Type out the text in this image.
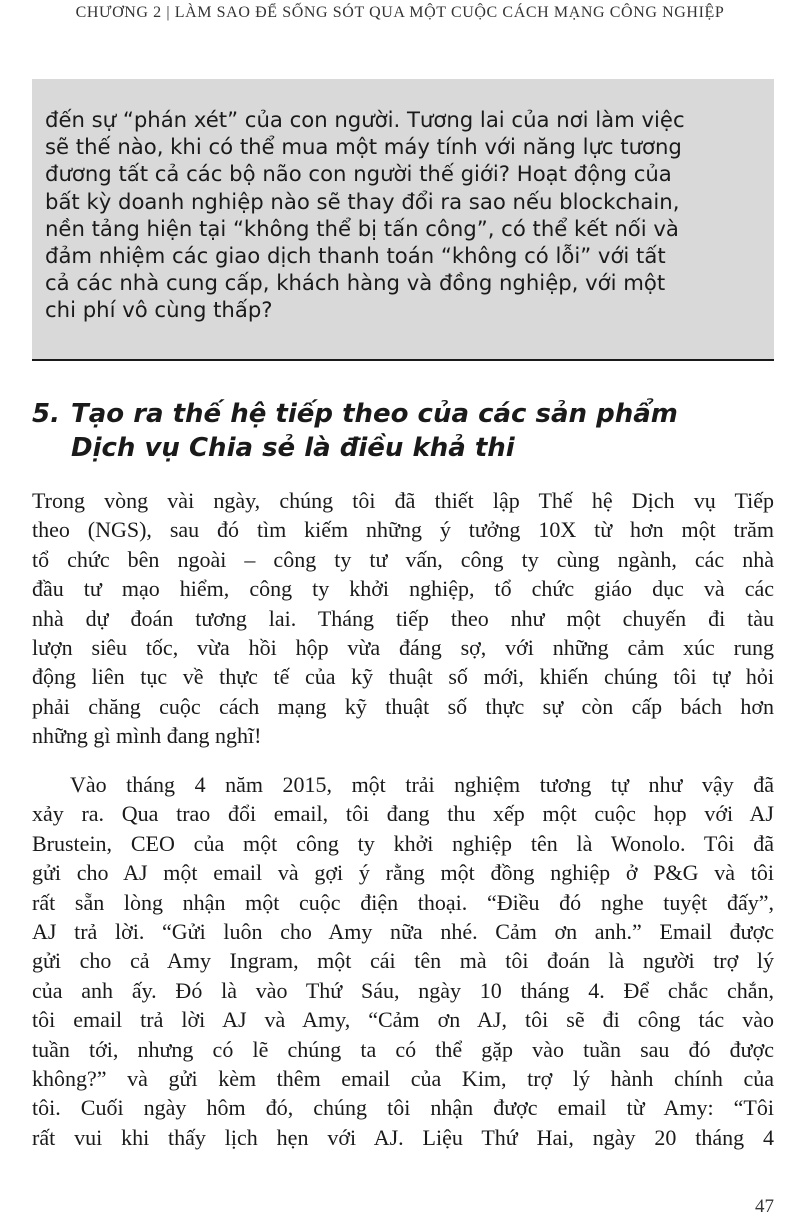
CHƯƠNG 2 | LÀM SAO ĐỂ SỐNG SÓT QUA MỘT CUỘC CÁCH MẠNG CÔNG NGHIỆP
đến sự “phán xét” của con người. Tương lai của nơi làm việc
sẽ thế nào, khi có thể mua một máy tính với năng lực tương
đương tất cả các bộ não con người thế giới? Hoạt động của
bất kỳ doanh nghiệp nào sẽ thay đổi ra sao nếu blockchain,
nền tảng hiện tại “không thể bị tấn công”, có thể kết nối và
đảm nhiệm các giao dịch thanh toán “không có lỗi” với tất
cả các nhà cung cấp, khách hàng và đồng nghiệp, với một
chi phí vô cùng thấp?
5. Tạo ra thế hệ tiếp theo của các sản phẩm
Dịch vụ Chia sẻ là điều khả thi
Trong vòng vài ngày, chúng tôi đã thiết lập Thế hệ Dịch vụ Tiếp
theo (NGS), sau đó tìm kiếm những ý tưởng 10X từ hơn một trăm
tổ chức bên ngoài – công ty tư vấn, công ty cùng ngành, các nhà
đầu tư mạo hiểm, công ty khởi nghiệp, tổ chức giáo dục và các
nhà dự đoán tương lai. Tháng tiếp theo như một chuyến đi tàu
lượn siêu tốc, vừa hồi hộp vừa đáng sợ, với những cảm xúc rung
động liên tục về thực tế của kỹ thuật số mới, khiến chúng tôi tự hỏi
phải chăng cuộc cách mạng kỹ thuật số thực sự còn cấp bách hơn
những gì mình đang nghĩ!
Vào tháng 4 năm 2015, một trải nghiệm tương tự như vậy đã
xảy ra. Qua trao đổi email, tôi đang thu xếp một cuộc họp với AJ
Brustein, CEO của một công ty khởi nghiệp tên là Wonolo. Tôi đã
gửi cho AJ một email và gợi ý rằng một đồng nghiệp ở P&G và tôi
rất sẵn lòng nhận một cuộc điện thoại. “Điều đó nghe tuyệt đấy”,
AJ trả lời. “Gửi luôn cho Amy nữa nhé. Cảm ơn anh.” Email được
gửi cho cả Amy Ingram, một cái tên mà tôi đoán là người trợ lý
của anh ấy. Đó là vào Thứ Sáu, ngày 10 tháng 4. Để chắc chắn,
tôi email trả lời AJ và Amy, “Cảm ơn AJ, tôi sẽ đi công tác vào
tuần tới, nhưng có lẽ chúng ta có thể gặp vào tuần sau đó được
không?” và gửi kèm thêm email của Kim, trợ lý hành chính của
tôi. Cuối ngày hôm đó, chúng tôi nhận được email từ Amy: “Tôi
rất vui khi thấy lịch hẹn với AJ. Liệu Thứ Hai, ngày 20 tháng 4
47
